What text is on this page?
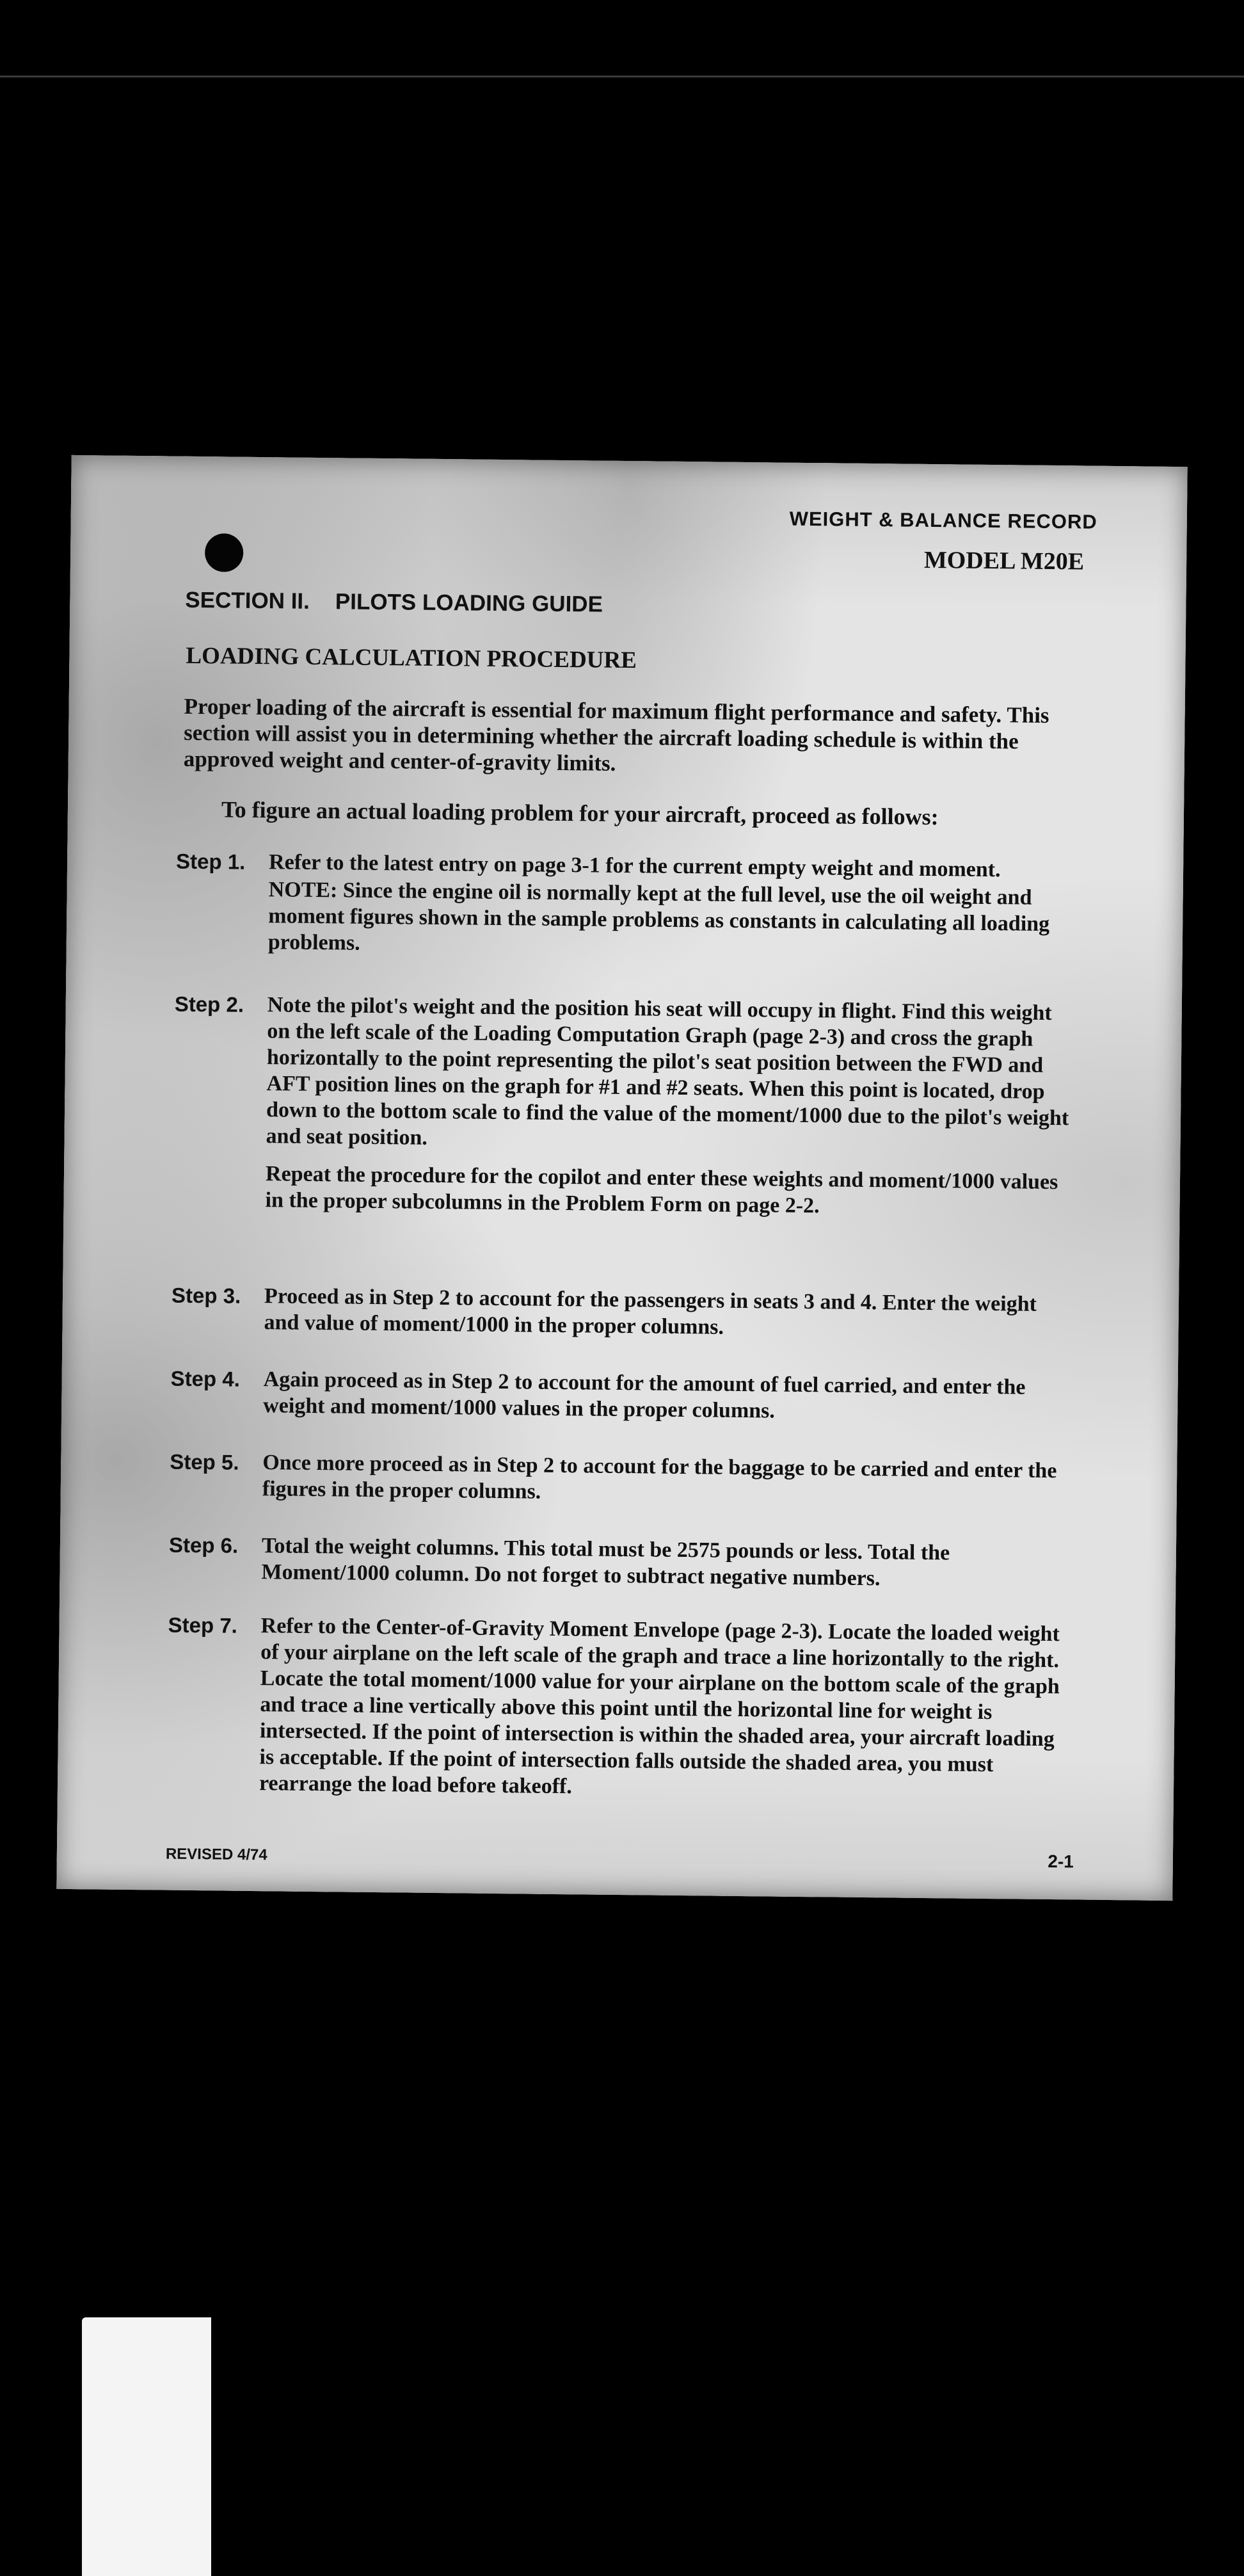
WEIGHT & BALANCE RECORD
MODEL M20E
SECTION II. PILOTS LOADING GUIDE
LOADING CALCULATION PROCEDURE
Proper loading of the aircraft is essential for maximum flight performance and safety. This section will assist you in determining whether the aircraft loading schedule is within the approved weight and center-of-gravity limits.
To figure an actual loading problem for your aircraft, proceed as follows:
Step 1.	Refer to the latest entry on page 3-1 for the current empty weight and moment.

NOTE: Since the engine oil is normally kept at the full level, use the oil weight and moment figures shown in the sample problems as constants in calculating all loading problems.

Step 2.	Note the pilot's weight and the position his seat will occupy in flight. Find this weight on the left scale of the Loading Computation Graph (page 2-3) and cross the graph horizontally to the point representing the pilot's seat position between the FWD and AFT position lines on the graph for #1 and #2 seats. When this point is located, drop down to the bottom scale to find the value of the moment/1000 due to the pilot's weight and seat position.

Repeat the procedure for the copilot and enter these weights and moment/1000 values in the proper subcolumns in the Problem Form on page 2-2.

Step 3.	Proceed as in Step 2 to account for the passengers in seats 3 and 4. Enter the weight and value of moment/1000 in the proper columns.

Step 4.	Again proceed as in Step 2 to account for the amount of fuel carried, and enter the weight and moment/1000 values in the proper columns.

Step 5.	Once more proceed as in Step 2 to account for the baggage to be carried and enter the figures in the proper columns.

Step 6.	Total the weight columns. This total must be 2575 pounds or less. Total the Moment/1000 column. Do not forget to subtract negative numbers.

Step 7.	Refer to the Center-of-Gravity Moment Envelope (page 2-3). Locate the loaded weight of your airplane on the left scale of the graph and trace a line horizontally to the right. Locate the total moment/1000 value for your airplane on the bottom scale of the graph and trace a line vertically above this point until the horizontal line for weight is intersected. If the point of intersection is within the shaded area, your aircraft loading is acceptable. If the point of intersection falls outside the shaded area, you must rearrange the load before takeoff.

REVISED 4/74	2-1
